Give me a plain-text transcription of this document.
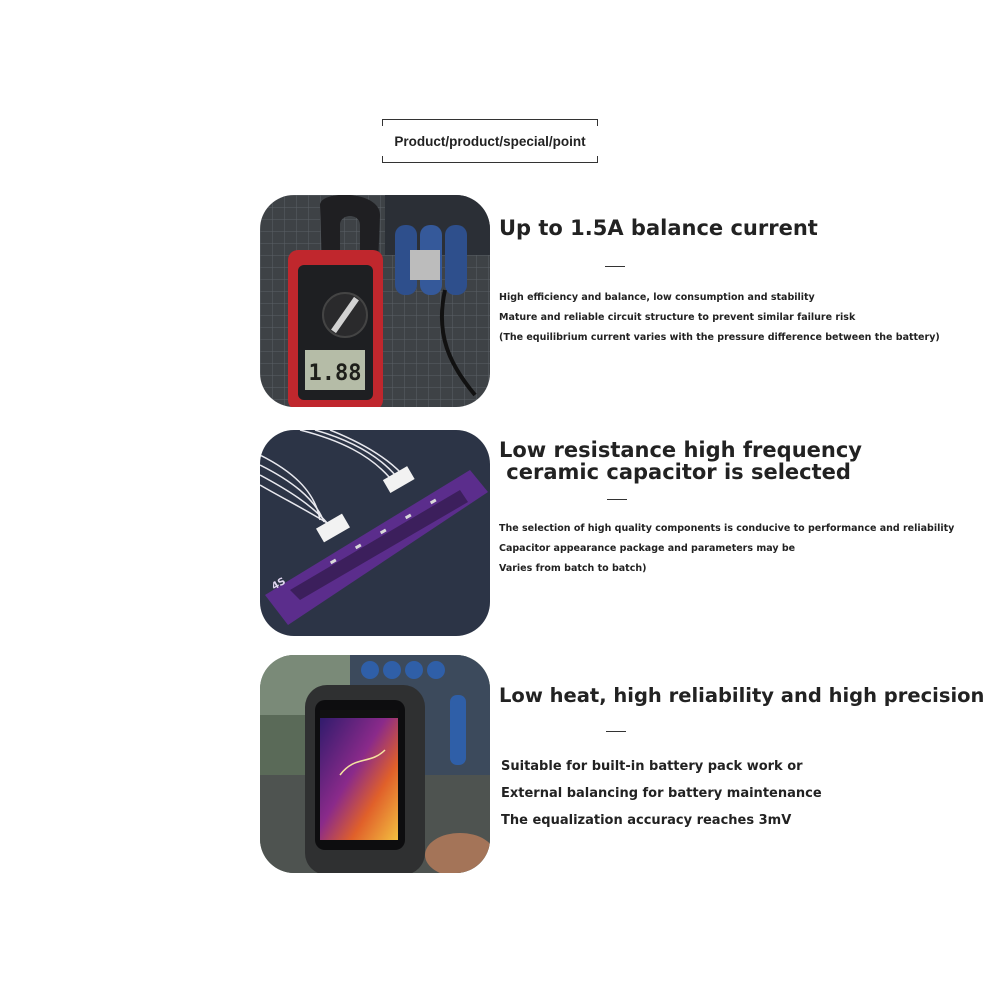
Product/product/special/point
1.88
Up to 1.5A balance current
High efficiency and balance, low consumption and stability
Mature and reliable circuit structure to prevent similar failure risk
(The equilibrium current varies with the pressure difference between the battery)
4S
Low resistance high frequency
ceramic capacitor is selected
The selection of high quality components is conducive to performance and reliability
Capacitor appearance package and parameters may be
Varies from batch to batch)
Low heat, high reliability and high precision
Suitable for built-in battery pack work or
External balancing for battery maintenance
The equalization accuracy reaches 3mV
